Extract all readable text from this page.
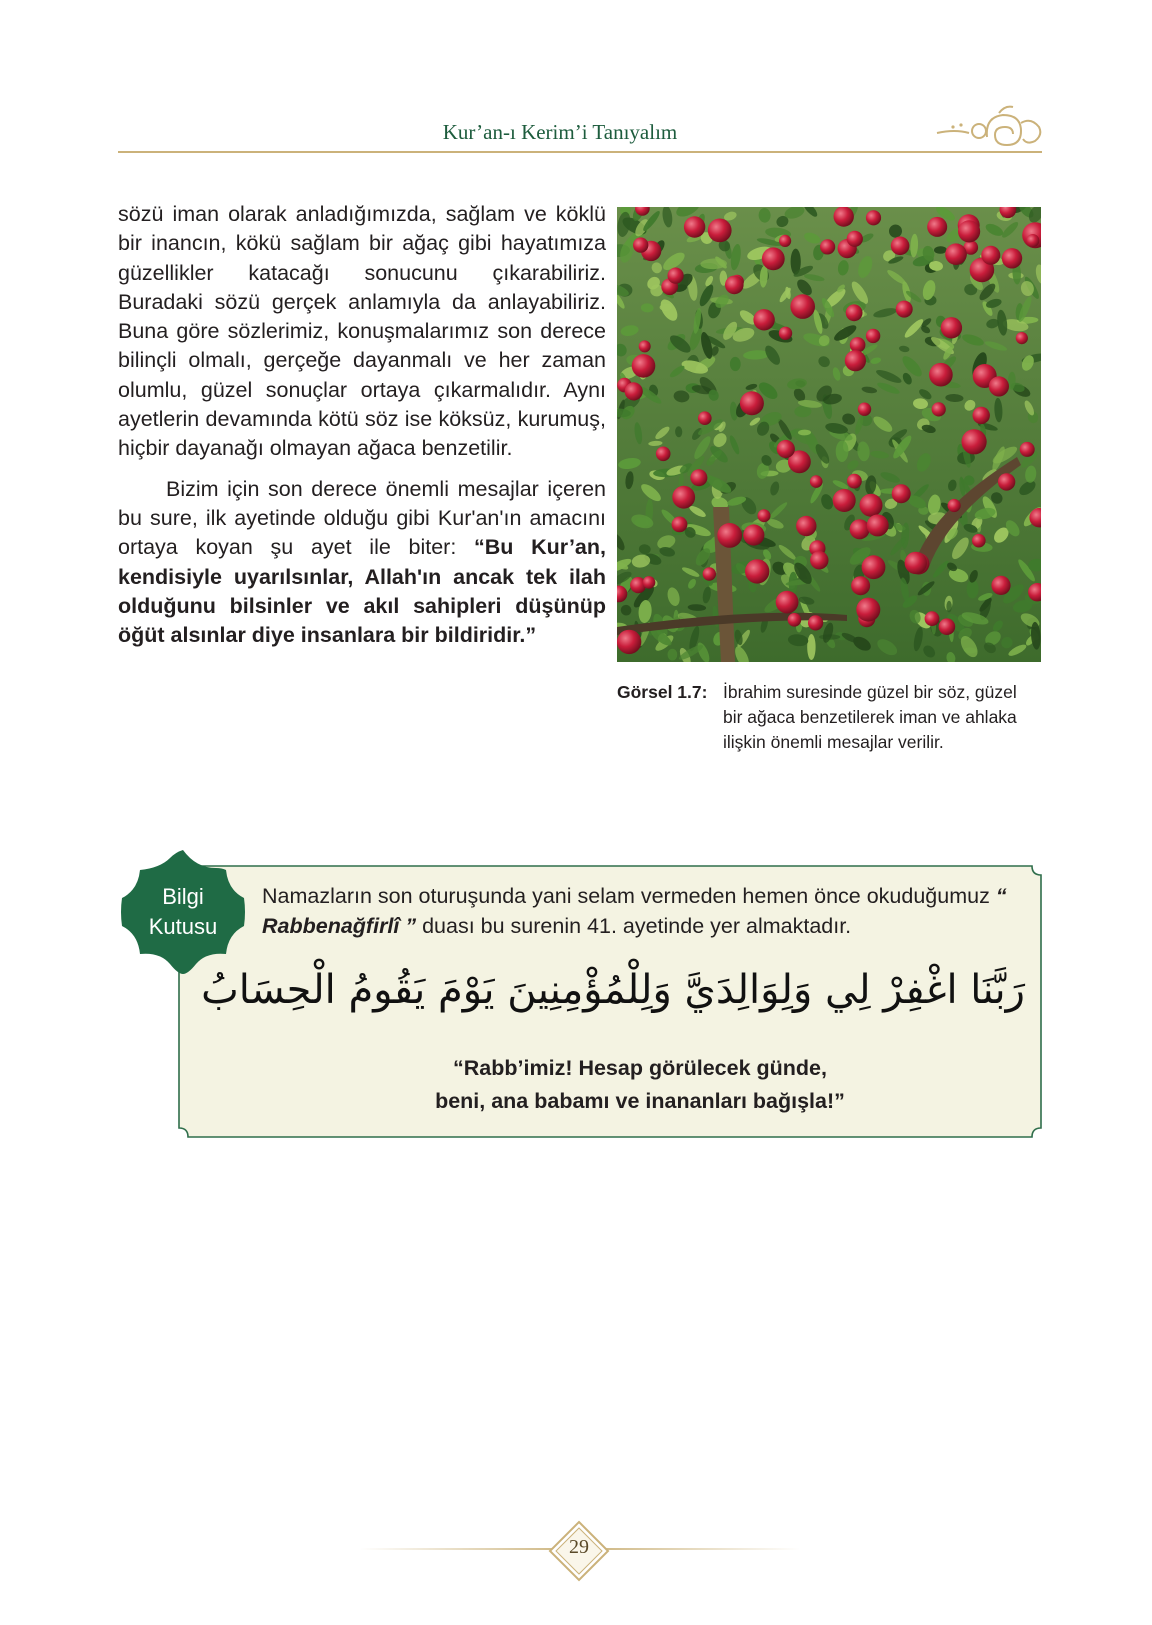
Kur’an-ı Kerim’i Tanıyalım

sözü iman olarak anladığımızda, sağlam ve köklü bir inancın, kökü sağlam bir ağaç gibi hayatımıza güzellikler katacağı sonucunu çıkarabiliriz. Buradaki sözü gerçek anlamıyla da anlayabiliriz. Buna göre sözlerimiz, konuşmalarımız son derece bilinçli olmalı, gerçeğe dayanmalı ve her zaman olumlu, güzel sonuçlar ortaya çıkarmalıdır. Aynı ayetlerin devamında kötü söz ise köksüz, kurumuş, hiçbir dayanağı olmayan ağaca benzetilir.

Bizim için son derece önemli mesajlar içeren bu sure, ilk ayetinde olduğu gibi Kur'an'ın amacını ortaya koyan şu ayet ile biter: “Bu Kur’an, kendisiyle uyarılsınlar, Allah'ın ancak tek ilah olduğunu bilsinler ve akıl sahipleri düşünüp öğüt alsınlar diye insanlara bir bildiridir.”

Görsel 1.7: İbrahim suresinde güzel bir söz, güzel bir ağaca benzetilerek iman ve ahlaka ilişkin önemli mesajlar verilir.
Bilgi
Kutusu
Namazların son oturuşunda yani selam vermeden hemen önce okuduğumuz “ Rabbenağfirlî ” duası bu surenin 41. ayetinde yer almaktadır.
رَبَّنَا اغْفِرْ لِي وَلِوَالِدَيَّ وَلِلْمُؤْمِنِينَ يَوْمَ يَقُومُ الْحِسَابُ
“Rabb’imiz! Hesap görülecek günde,
beni, ana babamı ve inananları bağışla!”
29
